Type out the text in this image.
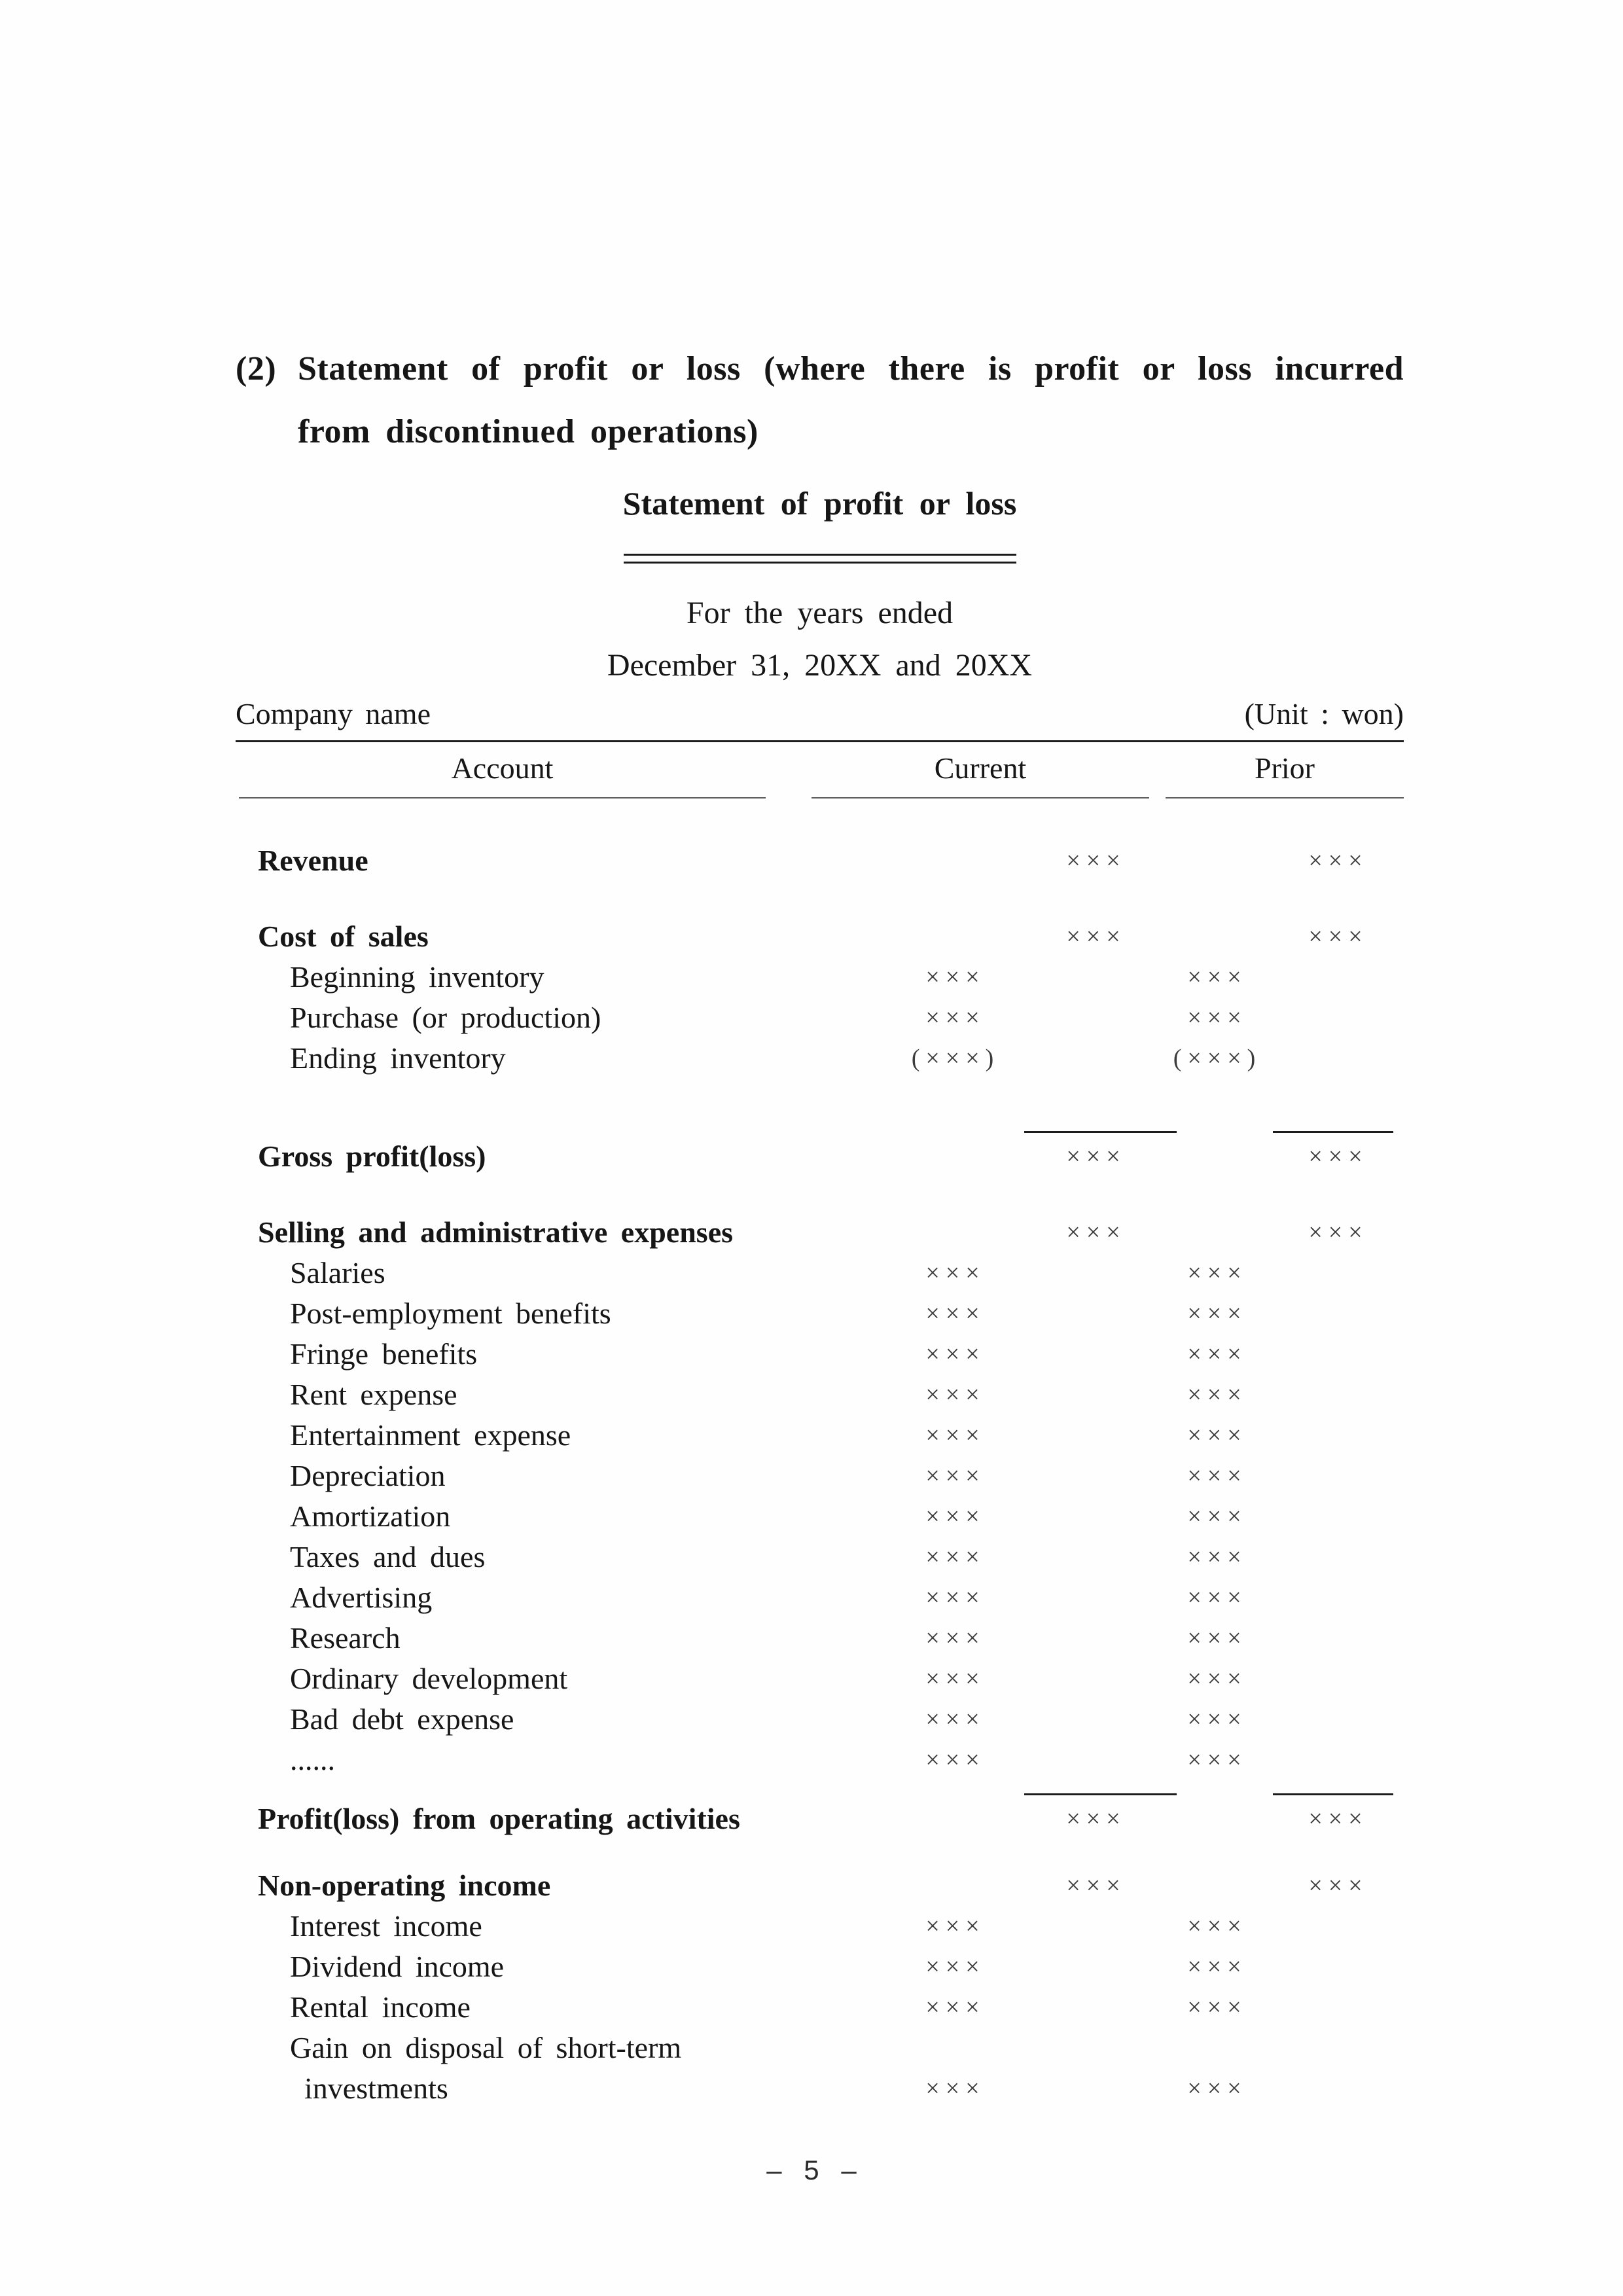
(2) Statement of profit or loss (where there is profit or loss incurred
from discontinued operations)
Statement of profit or loss
For the years ended
December 31, 20XX and 20XX
Company name	(Unit : won)
Account	Current	Prior
Revenue	×××	×××
Cost of sales	×××	×××
Beginning inventory	×××	×××
Purchase (or production)	×××	×××
Ending inventory	(×××)	(×××)
Gross profit(loss)	×××	×××
Selling and administrative expenses	×××	×××
Salaries	×××	×××
Post-employment benefits	×××	×××
Fringe benefits	×××	×××
Rent expense	×××	×××
Entertainment expense	×××	×××
Depreciation	×××	×××
Amortization	×××	×××
Taxes and dues	×××	×××
Advertising	×××	×××
Research	×××	×××
Ordinary development	×××	×××
Bad debt expense	×××	×××
......	×××	×××
Profit(loss) from operating activities	×××	×××
Non-operating income	×××	×××
Interest income	×××	×××
Dividend income	×××	×××
Rental income	×××	×××
Gain on disposal of short-term
investments	×××	×××
– 5 –
